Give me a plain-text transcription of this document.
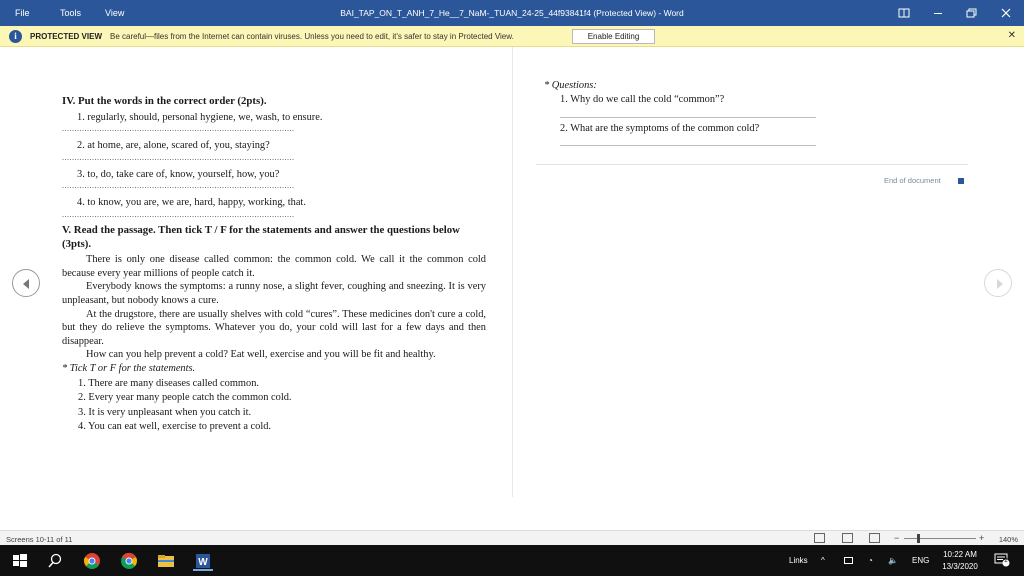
File	Tools	View	BAI_TAP_ON_T_ANH_7_He__7_NaM-_TUAN_24-25_44f93841f4 (Protected View) - Word
i	PROTECTED VIEW Be careful—files from the Internet can contain viruses. Unless you need to edit, it's safer to stay in Protected View.	Enable Editing	✕
IV. Put the words in the correct order (2pts).
1. regularly, should, personal hygiene, we, wash, to ensure.
.............................................................................................
2. at home, are, alone, scared of, you, staying?
.............................................................................................
3. to, do, take care of, know, yourself, how, you?
.............................................................................................
4. to know, you are, we are, hard, happy, working, that.
.............................................................................................
V. Read the passage. Then tick T / F for the statements and answer the questions below (3pts).
There is only one disease called common: the common cold. We call it the common cold because every year millions of people catch it.
Everybody knows the symptoms: a runny nose, a slight fever, coughing and sneezing. It is very unpleasant, but nobody knows a cure.
At the drugstore, there are usually shelves with cold “cures”. These medicines don't cure a cold, but they do relieve the symptoms. Whatever you do, your cold will last for a few days and then disappear.
How can you help prevent a cold? Eat well, exercise and you will be fit and healthy.
* Tick T or F for the statements.
1. There are many diseases called common.
2. Every year many people catch the common cold.
3. It is very unpleasant when you catch it.
4. You can eat well, exercise to prevent a cold.
* Questions:
1. Why do we call the cold “common”?
................................................................................................................................
2. What are the symptoms of the common cold?
................................................................................................................................
End of document
Screens 10-11 of 11	−	+ 140%
W	Links ^	◔ 🔈 ENG
10:22 AM
13/3/2020
2
